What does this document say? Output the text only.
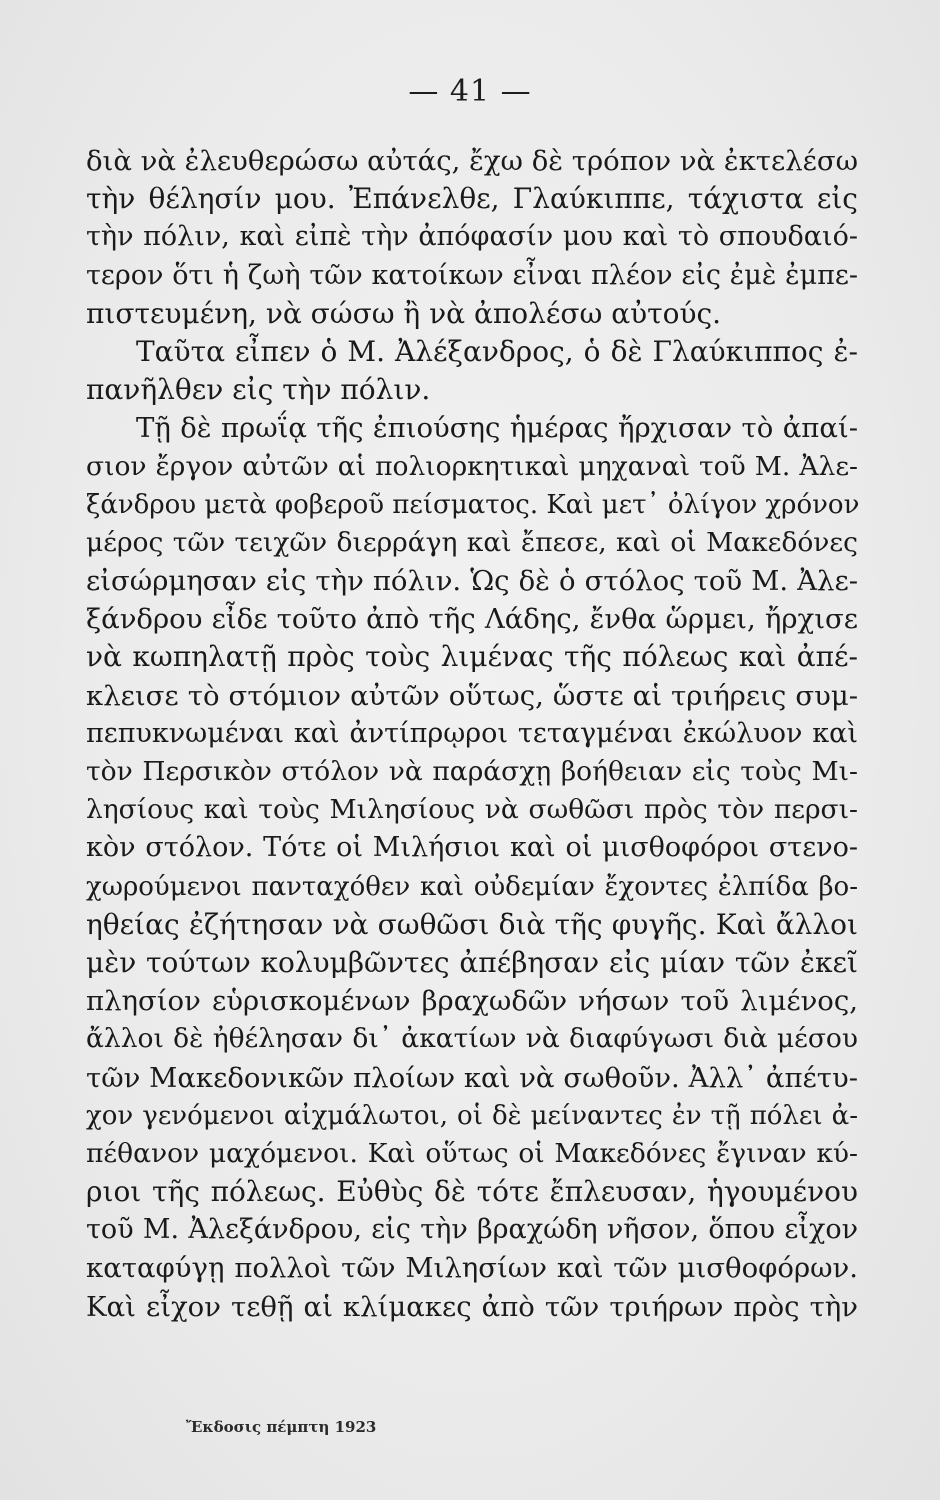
— 41 —
διὰ νὰ ἐλευθερώσω αὐτάς, ἔχω δὲ τρόπον νὰ ἐκτελέσω
τὴν θέλησίν μου. Ἐπάνελθε, Γλαύκιππε, τάχιστα εἰς
τὴν πόλιν, καὶ εἰπὲ τὴν ἀπόφασίν μου καὶ τὸ σπουδαιό-
τερον ὅτι ἡ ζωὴ τῶν κατοίκων εἶναι πλέον εἰς ἐμὲ ἐμπε-
πιστευμένη, νὰ σώσω ἢ νὰ ἀπολέσω αὐτούς.
Ταῦτα εἶπεν ὁ Μ. Ἀλέξανδρος, ὁ δὲ Γλαύκιππος ἐ-
πανῆλθεν εἰς τὴν πόλιν.
Τῇ δὲ πρωΐᾳ τῆς ἐπιούσης ἡμέρας ἤρχισαν τὸ ἀπαί-
σιον ἔργον αὐτῶν αἱ πολιορκητικαὶ μηχαναὶ τοῦ Μ. Ἀλε-
ξάνδρου μετὰ φοβεροῦ πείσματος. Καὶ μετ᾽ ὀλίγον χρόνον
μέρος τῶν τειχῶν διερράγη καὶ ἔπεσε, καὶ οἱ Μακεδόνες
εἰσώρμησαν εἰς τὴν πόλιν. Ὡς δὲ ὁ στόλος τοῦ Μ. Ἀλε-
ξάνδρου εἶδε τοῦτο ἀπὸ τῆς Λάδης, ἔνθα ὥρμει, ἤρχισε
νὰ κωπηλατῇ πρὸς τοὺς λιμένας τῆς πόλεως καὶ ἀπέ-
κλεισε τὸ στόμιον αὐτῶν οὕτως, ὥστε αἱ τριήρεις συμ-
πεπυκνωμέναι καὶ ἀντίπρῳροι τεταγμέναι ἐκώλυον καὶ
τὸν Περσικὸν στόλον νὰ παράσχῃ βοήθειαν εἰς τοὺς Μι-
λησίους καὶ τοὺς Μιλησίους νὰ σωθῶσι πρὸς τὸν περσι-
κὸν στόλον. Τότε οἱ Μιλήσιοι καὶ οἱ μισθοφόροι στενο-
χωρούμενοι πανταχόθεν καὶ οὐδεμίαν ἔχοντες ἐλπίδα βο-
ηθείας ἐζήτησαν νὰ σωθῶσι διὰ τῆς φυγῆς. Καὶ ἄλλοι
μὲν τούτων κολυμβῶντες ἀπέβησαν εἰς μίαν τῶν ἐκεῖ
πλησίον εὑρισκομένων βραχωδῶν νήσων τοῦ λιμένος,
ἄλλοι δὲ ἠθέλησαν δι᾽ ἀκατίων νὰ διαφύγωσι διὰ μέσου
τῶν Μακεδονικῶν πλοίων καὶ νὰ σωθοῦν. Ἀλλ᾽ ἀπέτυ-
χον γενόμενοι αἰχμάλωτοι, οἱ δὲ μείναντες ἐν τῇ πόλει ἀ-
πέθανον μαχόμενοι. Καὶ οὕτως οἱ Μακεδόνες ἔγιναν κύ-
ριοι τῆς πόλεως. Εὐθὺς δὲ τότε ἔπλευσαν, ἡγουμένου
τοῦ Μ. Ἀλεξάνδρου, εἰς τὴν βραχώδη νῆσον, ὅπου εἶχον
καταφύγῃ πολλοὶ τῶν Μιλησίων καὶ τῶν μισθοφόρων.
Καὶ εἶχον τεθῇ αἱ κλίμακες ἀπὸ τῶν τριήρων πρὸς τὴν
Ἔκδοσις πέμπτη 1923
